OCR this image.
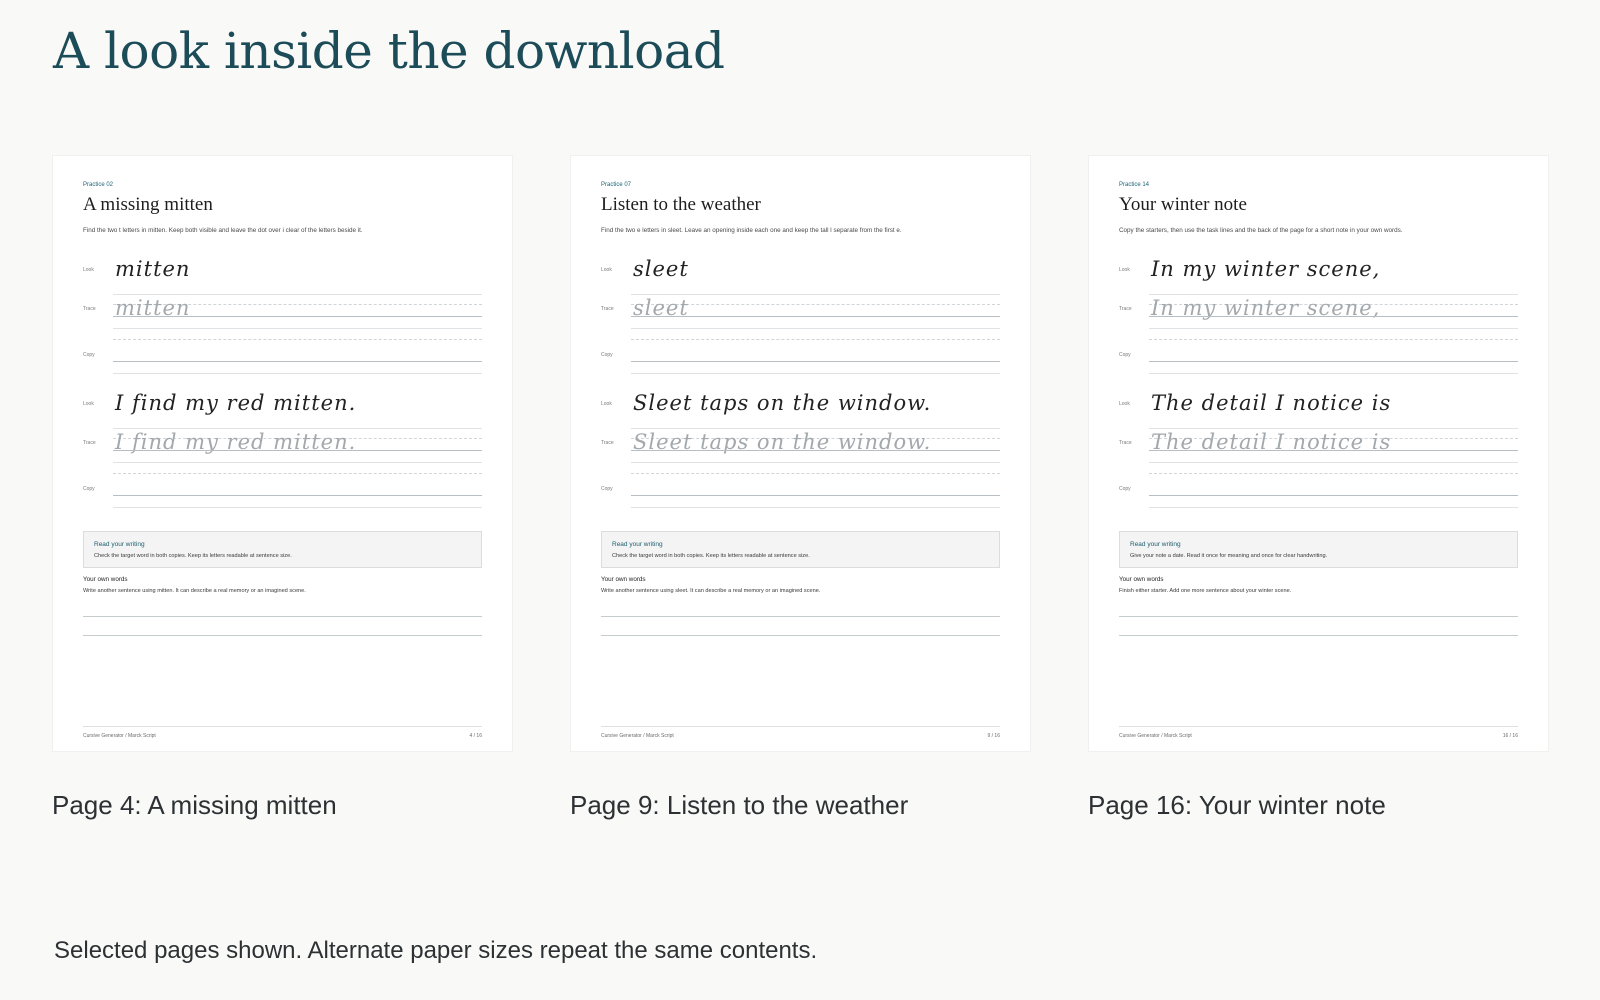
A look inside the download
Practice 02
A missing mitten
Find the two t letters in mitten. Keep both visible and leave the dot over i clear of the letters beside it.
Look mitten
Trace mitten
Copy
Look I find my red mitten.
Trace I find my red mitten.
Copy
Read your writing
Check the target word in both copies. Keep its letters readable at sentence size.
Your own words
Write another sentence using mitten. It can describe a real memory or an imagined scene.
Cursive Generator / Marck Script	4 / 16
Page 4: A missing mitten
Practice 07
Listen to the weather
Find the two e letters in sleet. Leave an opening inside each one and keep the tall l separate from the first e.
Look sleet
Trace sleet
Copy
Look Sleet taps on the window.
Trace Sleet taps on the window.
Copy
Read your writing
Check the target word in both copies. Keep its letters readable at sentence size.
Your own words
Write another sentence using sleet. It can describe a real memory or an imagined scene.
Cursive Generator / Marck Script	9 / 16
Page 9: Listen to the weather
Practice 14
Your winter note
Copy the starters, then use the task lines and the back of the page for a short note in your own words.
Look In my winter scene,
Trace In my winter scene,
Copy
Look The detail I notice is
Trace The detail I notice is
Copy
Read your writing
Give your note a date. Read it once for meaning and once for clear handwriting.
Your own words
Finish either starter. Add one more sentence about your winter scene.
Cursive Generator / Marck Script	16 / 16
Page 16: Your winter note

Selected pages shown. Alternate paper sizes repeat the same contents.
